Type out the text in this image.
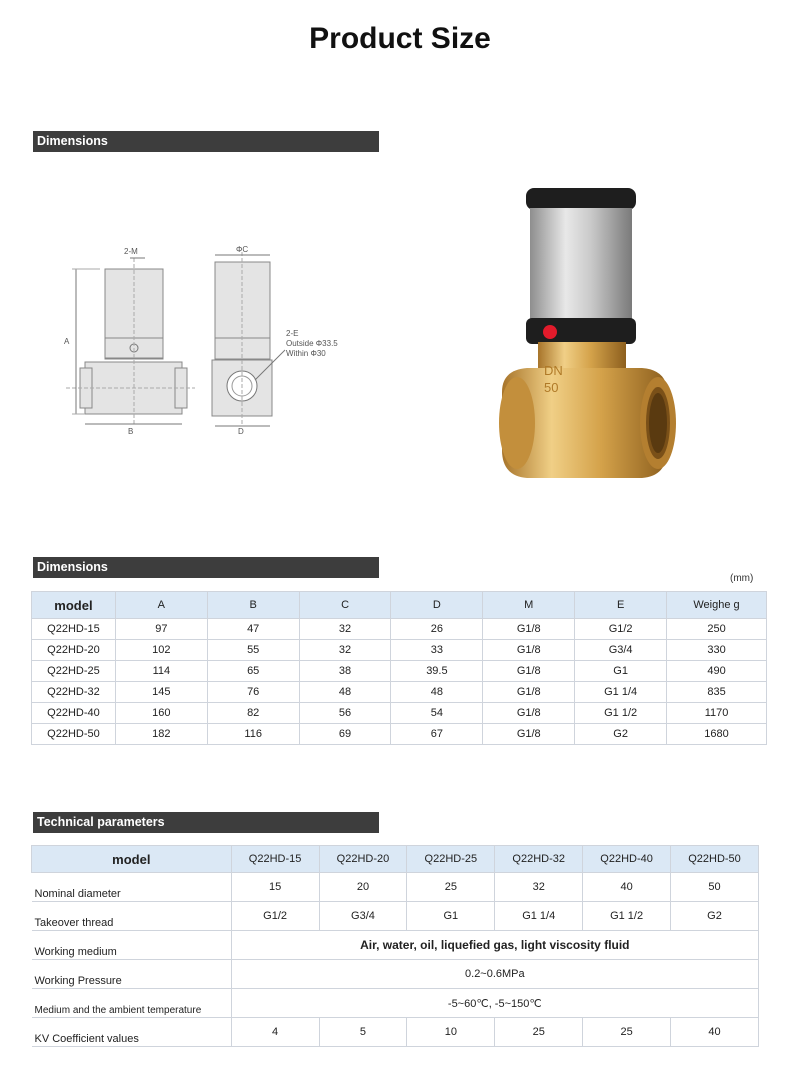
Product Size
Dimensions
A
B
2-M	ΦC
D
2-E
Outside Φ33.5
Within Φ30
DN
50
Dimensions
(mm)
model	A	B	C	D	M	E	Weighe g
Q22HD-15	97	47	32	26	G1/8	G1/2	250
Q22HD-20	102	55	32	33	G1/8	G3/4	330
Q22HD-25	114	65	38	39.5	G1/8	G1	490
Q22HD-32	145	76	48	48	G1/8	G1 1/4	835
Q22HD-40	160	82	56	54	G1/8	G1 1/2	1170
Q22HD-50	182	116	69	67	G1/8	G2	1680
Technical parameters
model	Q22HD-15	Q22HD-20	Q22HD-25	Q22HD-32	Q22HD-40	Q22HD-50
Nominal diameter	15	20	25	32	40	50
Takeover thread	G1/2	G3/4	G1	G1 1/4	G1 1/2	G2
Working medium	Air, water, oil, liquefied gas, light viscosity fluid					
Working Pressure	0.2~0.6MPa					
Medium and the ambient temperature	-5~60℃, -5~150℃					
KV Coefficient values	4	5	10	25	25	40
